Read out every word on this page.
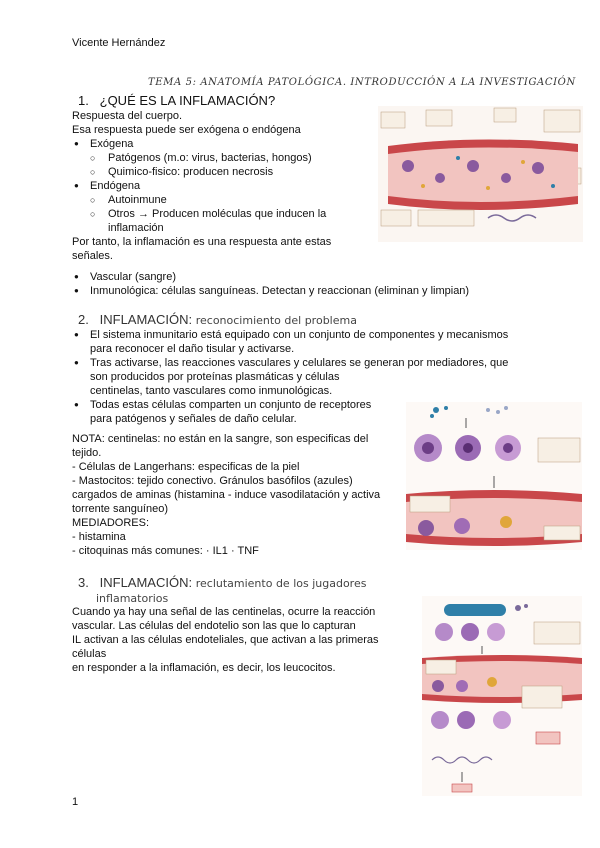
Vicente Hernández
TEMA 5: ANATOMÍA PATOLÓGICA. INTRODUCCIÓN A LA INVESTIGACIÓN
1. ¿QUÉ ES LA INFLAMACIÓN?
Respuesta del cuerpo.
Esa respuesta puede ser exógena o endógena
● Exógena
○ Patógenos (m.o: virus, bacterias, hongos)
○ Quimico-fisico: producen necrosis
● Endógena
○ Autoinmune
○ Otros → Producen moléculas que inducen la
inflamación
Por tanto, la inflamación es una respuesta ante estas
señales.
● Vascular (sangre)
● Inmunológica: células sanguíneas. Detectan y reaccionan (eliminan y limpian)
2. INFLAMACIÓN: reconocimiento del problema
● El sistema inmunitario está equipado con un conjunto de componentes y mecanismos
para reconocer el daño tisular y activarse.
● Tras activarse, las reacciones vasculares y celulares se generan por mediadores, que
son producidos por proteínas plasmáticas y células
centinelas, tanto vasculares como inmunológicas.
● Todas estas células comparten un conjunto de receptores
para patógenos y señales de daño celular.
NOTA: centinelas: no están en la sangre, son especificas del
tejido.
- Células de Langerhans: especificas de la piel
- Mastocitos: tejido conectivo. Gránulos basófilos (azules)
cargados de aminas (histamina - induce vasodilatación y activa
torrente sanguíneo)
MEDIADORES:
- histamina
- citoquinas más comunes: · IL1 · TNF
3. INFLAMACIÓN: reclutamiento de los jugadores
inflamatorios
Cuando ya hay una señal de las centinelas, ocurre la reacción
vascular. Las células del endotelio son las que lo capturan
IL activan a las células endoteliales, que activan a las primeras células
en responder a la inflamación, es decir, los leucocitos.
1
